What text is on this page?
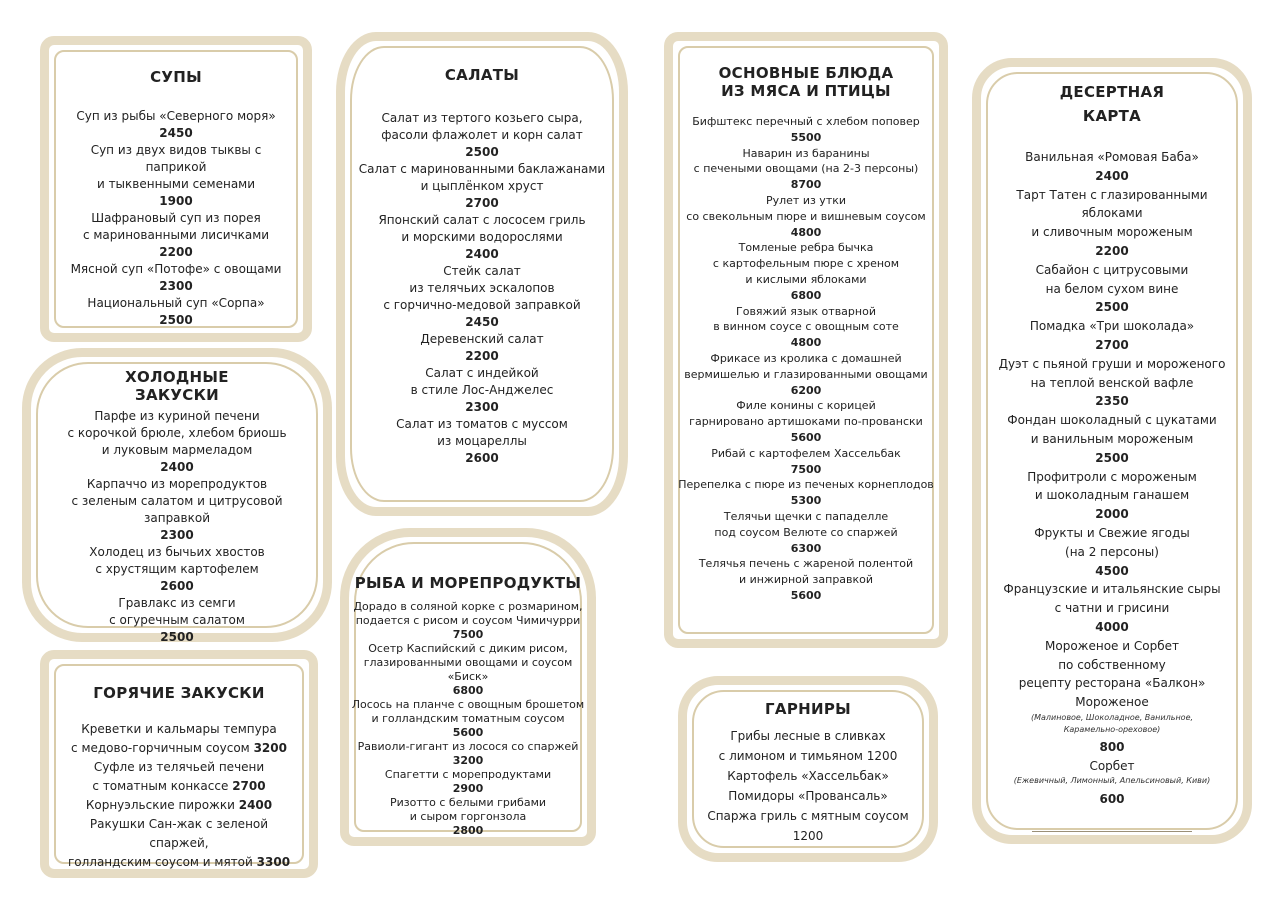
СУПЫ
Суп из рыбы «Северного моря»
2450
Суп из двух видов тыквы с паприкой
и тыквенными семенами
1900
Шафрановый суп из порея
с маринованными лисичками
2200
Мясной суп «Потофе» с овощами
2300
Национальный суп «Сорпа»
2500
ХОЛОДНЫЕ
ЗАКУСКИ
Парфе из куриной печени
с корочкой брюле, хлебом бриошь
и луковым мармеладом
2400
Карпаччо из морепродуктов
с зеленым салатом и цитрусовой заправкой
2300
Холодец из бычьих хвостов
с хрустящим картофелем
2600
Гравлакс из семги
с огуречным салатом
2500
ГОРЯЧИЕ ЗАКУСКИ
Креветки и кальмары темпура
с медово-горчичным соусом 3200
Суфле из телячьей печени
с томатным конкассе 2700
Корнуэльские пирожки 2400
Ракушки Сан-жак с зеленой спаржей,
голландским соусом и мятой 3300
САЛАТЫ
Салат из тертого козьего сыра,
фасоли флажолет и корн салат
2500
Салат с маринованными баклажанами
и цыплёнком хруст
2700
Японский салат с лососем гриль
и морскими водорослями
2400
Стейк салат
из телячьих эскалопов
с горчично-медовой заправкой
2450
Деревенский салат
2200
Салат с индейкой
в стиле Лос-Анджелес
2300
Салат из томатов с муссом
из моцареллы
2600
РЫБА И МОРЕПРОДУКТЫ
Дорадо в соляной корке с розмарином,
подается с рисом и соусом Чимичурри
7500
Осетр Каспийский с диким рисом,
глазированными овощами и соусом «Биск»
6800
Лосось на планче с овощным брошетом
и голландским томатным соусом
5600
Равиоли-гигант из лосося со спаржей
3200
Спагетти с морепродуктами
2900
Ризотто с белыми грибами
и сыром горгонзола
2800
ОСНОВНЫЕ БЛЮДА
ИЗ МЯСА И ПТИЦЫ
Бифштекс перечный с хлебом поповер
5500
Наварин из баранины
с печеными овощами (на 2-3 персоны)
8700
Рулет из утки
со свекольным пюре и вишневым соусом
4800
Томленые ребра бычка
с картофельным пюре с хреном
и кислыми яблоками
6800
Говяжий язык отварной
в винном соусе с овощным соте
4800
Фрикасе из кролика с домашней
вермишелью и глазированными овощами
6200
Филе конины с корицей
гарнировано артишоками по-провански
5600
Рибай с картофелем Хассельбак
7500
Перепелка с пюре из печеных корнеплодов
5300
Телячьи щечки с пападелле
под соусом Велюте со спаржей
6300
Телячья печень с жареной полентой
и инжирной заправкой
5600
ГАРНИРЫ
Грибы лесные в сливках
с лимоном и тимьяном 1200
Картофель «Хассельбак»
Помидоры «Провансаль»
Спаржа гриль с мятным соусом
1200
ДЕСЕРТНАЯ
КАРТА
Ванильная «Ромовая Баба»
2400
Тарт Татен с глазированными яблоками
и сливочным мороженым
2200
Сабайон с цитрусовыми
на белом сухом вине
2500
Помадка «Три шоколада»
2700
Дуэт с пьяной груши и мороженого
на теплой венской вафле
2350
Фондан шоколадный с цукатами
и ванильным мороженым
2500
Профитроли с мороженым
и шоколадным ганашем
2000
Фрукты и Свежие ягоды
(на 2 персоны)
4500
Французские и итальянские сыры
с чатни и грисини
4000
Мороженое и Сорбет
по собственному
рецепту ресторана «Балкон»
Мороженое
(Малиновое, Шоколадное, Ванильное,
Карамельно-ореховое)
800
Сорбет
(Ежевичный, Лимонный, Апельсиновый, Киви)
600
